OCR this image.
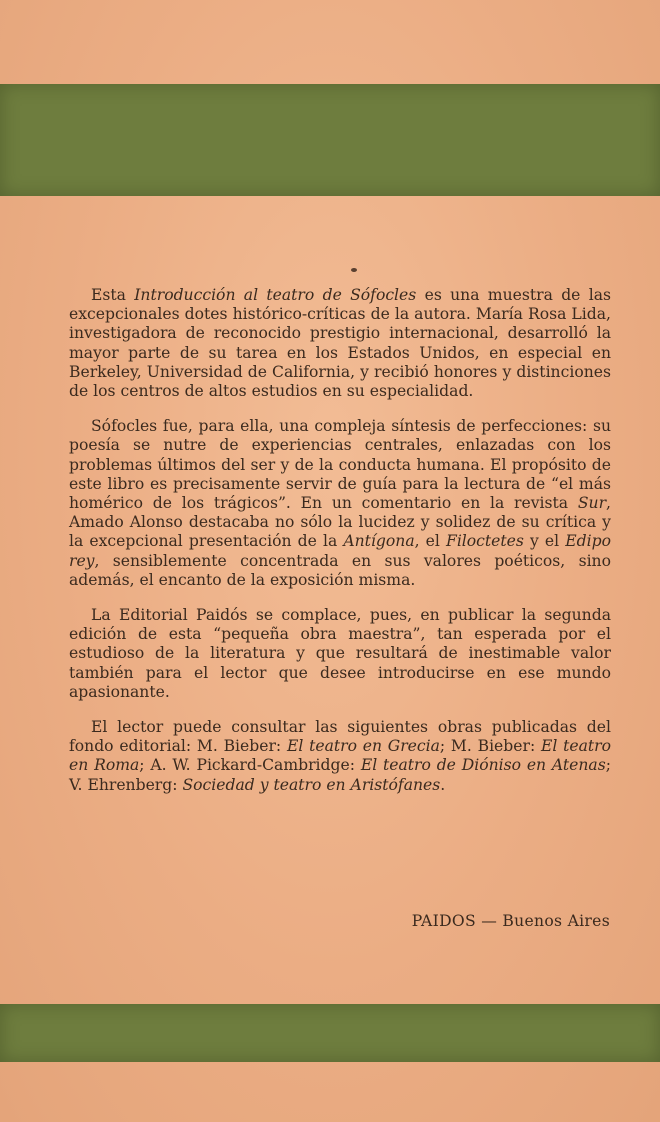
Esta Introducción al teatro de Sófocles es una muestra de las excepcionales dotes histórico-críticas de la autora. María Rosa Lida, investigadora de reconocido prestigio internacional, desarrolló la mayor parte de su tarea en los Estados Unidos, en especial en Berkeley, Universidad de California, y recibió honores y distinciones de los centros de altos estudios en su especialidad.

Sófocles fue, para ella, una compleja síntesis de perfecciones: su poesía se nutre de experiencias centrales, enlazadas con los problemas últimos del ser y de la conducta humana. El propósito de este libro es precisamente servir de guía para la lectura de “el más homérico de los trágicos”. En un comentario en la revista Sur, Amado Alonso destacaba no sólo la lucidez y solidez de su crítica y la excepcional presentación de la Antígona, el Filoctetes y el Edipo rey, sensiblemente concentrada en sus valores poéticos, sino además, el encanto de la exposición misma.

La Editorial Paidós se complace, pues, en publicar la segunda edición de esta “pequeña obra maestra”, tan esperada por el estudioso de la literatura y que resultará de inestimable valor también para el lector que desee introducirse en ese mundo apasionante.

El lector puede consultar las siguientes obras publicadas del fondo editorial: M. Bieber: El teatro en Grecia; M. Bieber: El teatro en Roma; A. W. Pickard-Cambridge: El teatro de Dióniso en Atenas; V. Ehrenberg: Sociedad y teatro en Aristófanes.

PAIDOS — Buenos Aires
